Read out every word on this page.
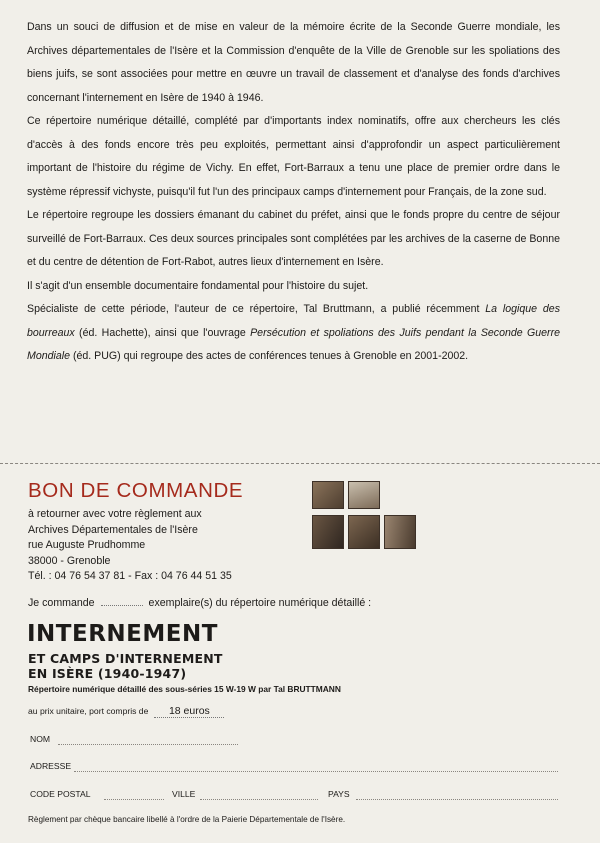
Dans un souci de diffusion et de mise en valeur de la mémoire écrite de la Seconde Guerre mondiale, les Archives départementales de l'Isère et la Commission d'enquête de la Ville de Grenoble sur les spoliations des biens juifs, se sont associées pour mettre en œuvre un travail de classement et d'analyse des fonds d'archives concernant l'internement en Isère de 1940 à 1946.

Ce répertoire numérique détaillé, complété par d'importants index nominatifs, offre aux chercheurs les clés d'accès à des fonds encore très peu exploités, permettant ainsi d'approfondir un aspect particulièrement important de l'histoire du régime de Vichy. En effet, Fort-Barraux a tenu une place de premier ordre dans le système répressif vichyste, puisqu'il fut l'un des principaux camps d'internement pour Français, de la zone sud.

Le répertoire regroupe les dossiers émanant du cabinet du préfet, ainsi que le fonds propre du centre de séjour surveillé de Fort-Barraux. Ces deux sources principales sont complétées par les archives de la caserne de Bonne et du centre de détention de Fort-Rabot, autres lieux d'internement en Isère.

Il s'agit d'un ensemble documentaire fondamental pour l'histoire du sujet.

Spécialiste de cette période, l'auteur de ce répertoire, Tal Bruttmann, a publié récemment La logique des bourreaux (éd. Hachette), ainsi que l'ouvrage Persécution et spoliations des Juifs pendant la Seconde Guerre Mondiale (éd. PUG) qui regroupe des actes de conférences tenues à Grenoble en 2001-2002.

BON DE COMMANDE
à retourner avec votre règlement aux
Archives Départementales de l'Isère
rue Auguste Prudhomme
38000 - Grenoble
Tél. : 04 76 54 37 81 - Fax : 04 76 44 51 35
Je commande	exemplaire(s) du répertoire numérique détaillé :
INTERNEMENT
ET CAMPS D'INTERNEMENT
EN ISÈRE (1940-1947)
Répertoire numérique détaillé des sous-séries 15 W-19 W par Tal BRUTTMANN
au prix unitaire, port compris de 18 euros
NOM
ADRESSE
CODE POSTAL	VILLE	PAYS
Règlement par chèque bancaire libellé à l'ordre de la Paierie Départementale de l'Isère.
